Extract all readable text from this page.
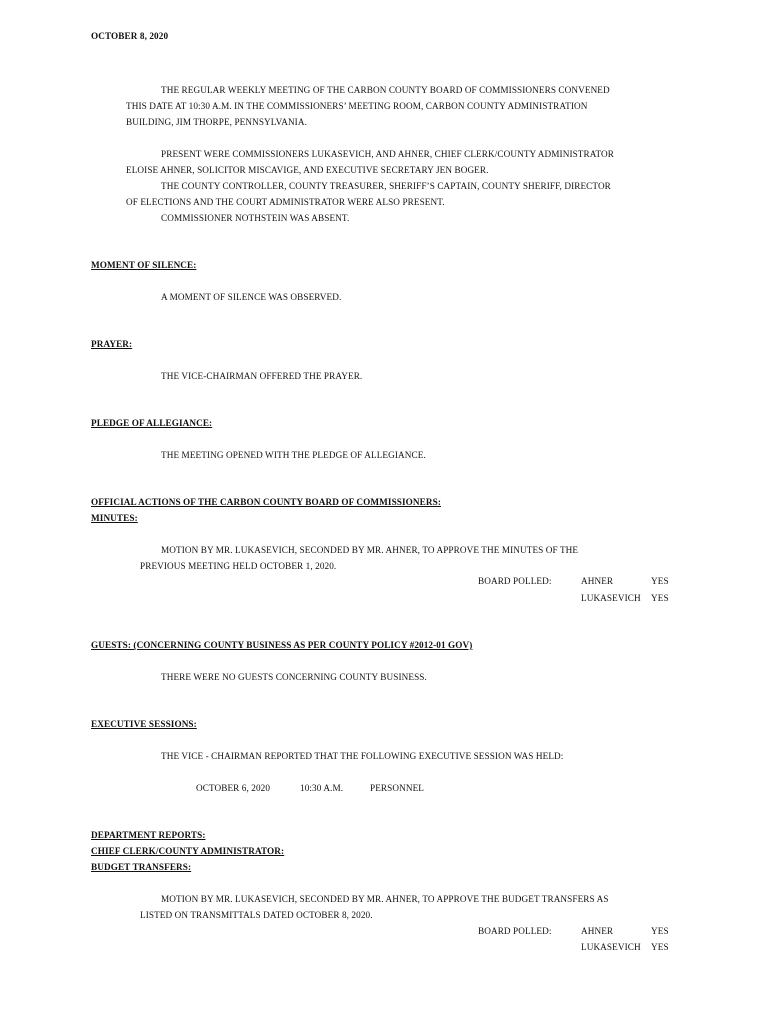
OCTOBER 8, 2020
THE REGULAR WEEKLY MEETING OF THE CARBON COUNTY BOARD OF COMMISSIONERS CONVENED
THIS DATE AT 10:30 A.M. IN THE COMMISSIONERS’ MEETING ROOM, CARBON COUNTY ADMINISTRATION
BUILDING, JIM THORPE, PENNSYLVANIA.
PRESENT WERE COMMISSIONERS LUKASEVICH, AND AHNER, CHIEF CLERK/COUNTY ADMINISTRATOR
ELOISE AHNER, SOLICITOR MISCAVIGE, AND EXECUTIVE SECRETARY JEN BOGER.
THE COUNTY CONTROLLER, COUNTY TREASURER, SHERIFF’S CAPTAIN, COUNTY SHERIFF, DIRECTOR
OF ELECTIONS AND THE COURT ADMINISTRATOR WERE ALSO PRESENT.
COMMISSIONER NOTHSTEIN WAS ABSENT.
MOMENT OF SILENCE:
A MOMENT OF SILENCE WAS OBSERVED.
PRAYER:
THE VICE-CHAIRMAN OFFERED THE PRAYER.
PLEDGE OF ALLEGIANCE:
THE MEETING OPENED WITH THE PLEDGE OF ALLEGIANCE.
OFFICIAL ACTIONS OF THE CARBON COUNTY BOARD OF COMMISSIONERS:
MINUTES:
MOTION BY MR. LUKASEVICH, SECONDED BY MR. AHNER, TO APPROVE THE MINUTES OF THE
PREVIOUS MEETING HELD OCTOBER 1, 2020.
BOARD POLLED:	AHNER	YES
LUKASEVICH YES
GUESTS: (CONCERNING COUNTY BUSINESS AS PER COUNTY POLICY #2012-01 GOV)
THERE WERE NO GUESTS CONCERNING COUNTY BUSINESS.
EXECUTIVE SESSIONS:
THE VICE - CHAIRMAN REPORTED THAT THE FOLLOWING EXECUTIVE SESSION WAS HELD:
OCTOBER 6, 2020	10:30 A.M.	PERSONNEL
DEPARTMENT REPORTS:
CHIEF CLERK/COUNTY ADMINISTRATOR:
BUDGET TRANSFERS:
MOTION BY MR. LUKASEVICH, SECONDED BY MR. AHNER, TO APPROVE THE BUDGET TRANSFERS AS
LISTED ON TRANSMITTALS DATED OCTOBER 8, 2020.
BOARD POLLED:	AHNER	YES
LUKASEVICH YES
